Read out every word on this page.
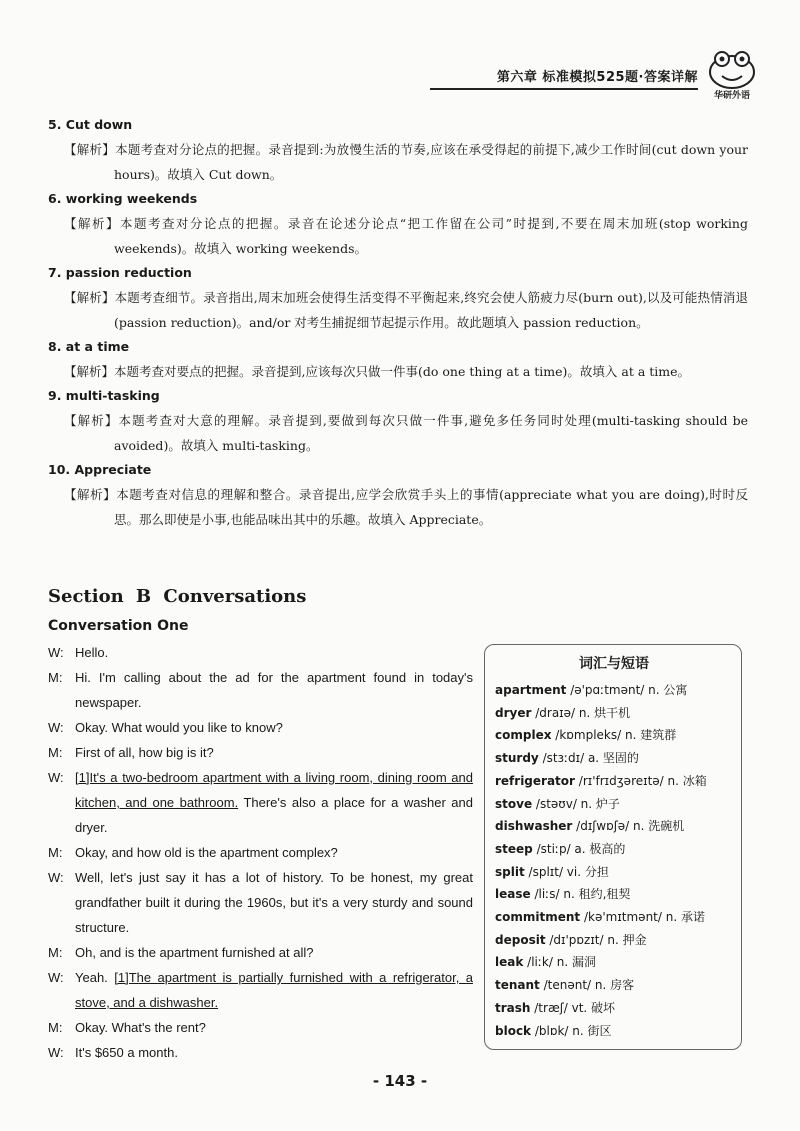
第六章 标准模拟525题·答案详解
华研外语
5. Cut down
【解析】本题考查对分论点的把握。录音提到:为放慢生活的节奏,应该在承受得起的前提下,减少工作时间(cut down your hours)。故填入 Cut down。
6. working weekends
【解析】本题考查对分论点的把握。录音在论述分论点“把工作留在公司”时提到,不要在周末加班(stop working weekends)。故填入 working weekends。
7. passion reduction
【解析】本题考查细节。录音指出,周末加班会使得生活变得不平衡起来,终究会使人筋疲力尽(burn out),以及可能热情消退(passion reduction)。and/or 对考生捕捉细节起提示作用。故此题填入 passion reduction。
8. at a time
【解析】本题考查对要点的把握。录音提到,应该每次只做一件事(do one thing at a time)。故填入 at a time。
9. multi-tasking
【解析】本题考查对大意的理解。录音提到,要做到每次只做一件事,避免多任务同时处理(multi-tasking should be avoided)。故填入 multi-tasking。
10. Appreciate
【解析】本题考查对信息的理解和整合。录音提出,应学会欣赏手头上的事情(appreciate what you are doing),时时反思。那么即使是小事,也能品味出其中的乐趣。故填入 Appreciate。
Section B Conversations
Conversation One
W: Hello.
M: Hi. I'm calling about the ad for the apartment found in today's newspaper.
W: Okay. What would you like to know?
M: First of all, how big is it?
W: [1]It's a two-bedroom apartment with a living room, dining room and kitchen, and one bathroom. There's also a place for a washer and dryer.
M: Okay, and how old is the apartment complex?
W: Well, let's just say it has a lot of history. To be honest, my great grandfather built it during the 1960s, but it's a very sturdy and sound structure.
M: Oh, and is the apartment furnished at all?
W: Yeah. [1]The apartment is partially furnished with a refrigerator, a stove, and a dishwasher.
M: Okay. What's the rent?
W: It's $650 a month.
词汇与短语
apartment /ə'pɑːtmənt/ n. 公寓
dryer /draɪə/ n. 烘干机
complex /kɒmpleks/ n. 建筑群
sturdy /stɜːdɪ/ a. 坚固的
refrigerator /rɪ'frɪdʒəreɪtə/ n. 冰箱
stove /stəʊv/ n. 炉子
dishwasher /dɪʃwɒʃə/ n. 洗碗机
steep /stiːp/ a. 极高的
split /splɪt/ vi. 分担
lease /liːs/ n. 租约,租契
commitment /kə'mɪtmənt/ n. 承诺
deposit /dɪ'pɒzɪt/ n. 押金
leak /liːk/ n. 漏洞
tenant /tenənt/ n. 房客
trash /træʃ/ vt. 破坏
block /blɒk/ n. 街区
- 143 -
